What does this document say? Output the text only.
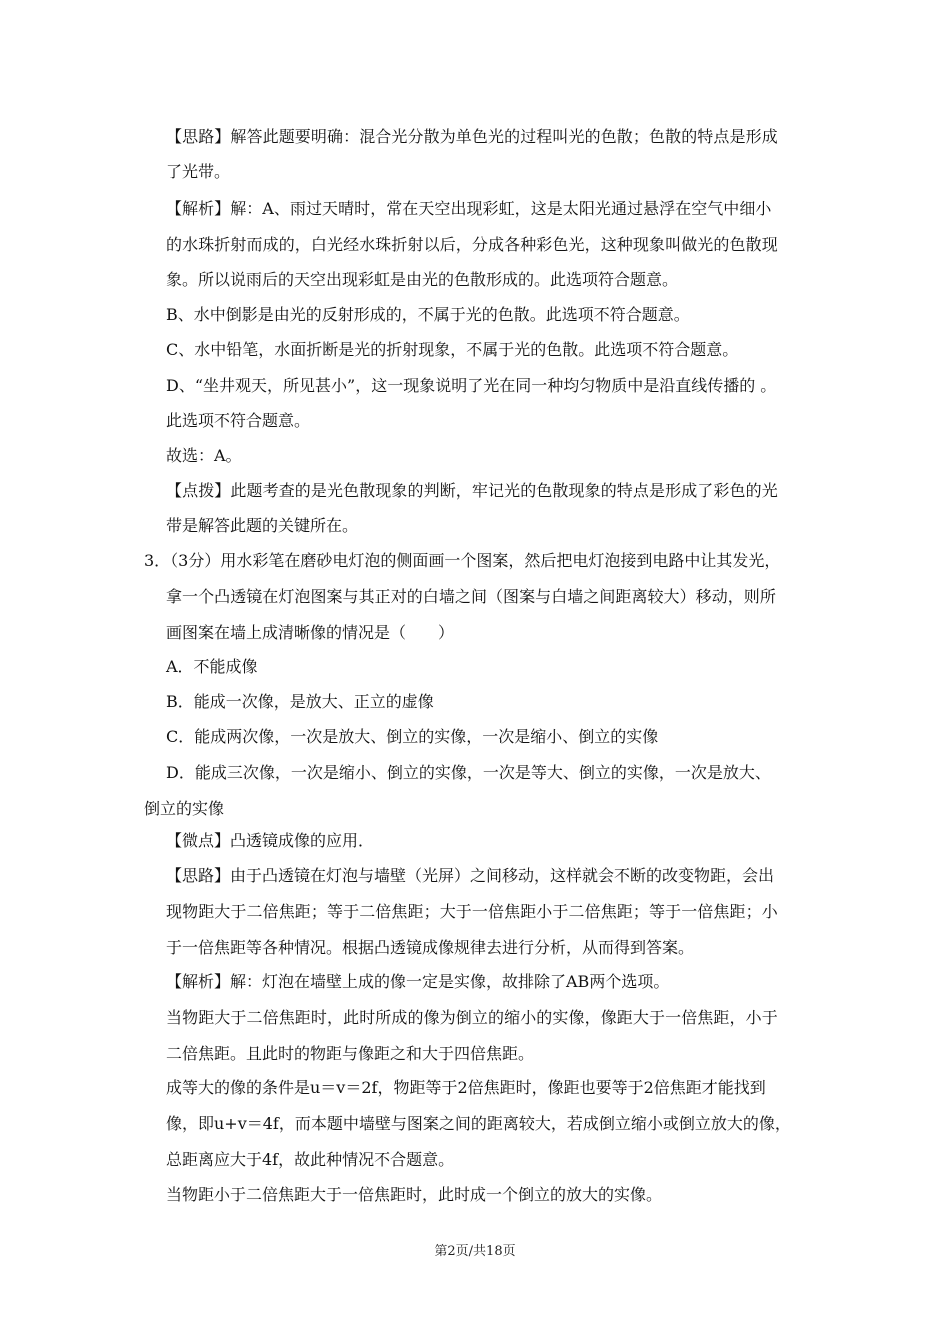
【思路】解答此题要明确：混合光分散为单色光的过程叫光的色散；色散的特点是形成
了光带。
【解析】解：A、雨过天晴时，常在天空出现彩虹，这是太阳光通过悬浮在空气中细小
的水珠折射而成的，白光经水珠折射以后，分成各种彩色光，这种现象叫做光的色散现
象。所以说雨后的天空出现彩虹是由光的色散形成的。此选项符合题意。
B、水中倒影是由光的反射形成的，不属于光的色散。此选项不符合题意。
C、水中铅笔，水面折断是光的折射现象，不属于光的色散。此选项不符合题意。
D、“坐井观天，所见甚小”，这一现象说明了光在同一种均匀物质中是沿直线传播的 。
此选项不符合题意。
故选：A。
【点拨】此题考查的是光色散现象的判断，牢记光的色散现象的特点是形成了彩色的光
带是解答此题的关键所在。
3．（3分）用水彩笔在磨砂电灯泡的侧面画一个图案，然后把电灯泡接到电路中让其发光，
拿一个凸透镜在灯泡图案与其正对的白墙之间（图案与白墙之间距离较大）移动，则所
画图案在墙上成清晰像的情况是（　　）
A．不能成像
B．能成一次像，是放大、正立的虚像
C．能成两次像，一次是放大、倒立的实像，一次是缩小、倒立的实像
D．能成三次像，一次是缩小、倒立的实像，一次是等大、倒立的实像，一次是放大、
倒立的实像
【微点】凸透镜成像的应用．
【思路】由于凸透镜在灯泡与墙壁（光屏）之间移动，这样就会不断的改变物距，会出
现物距大于二倍焦距；等于二倍焦距；大于一倍焦距小于二倍焦距；等于一倍焦距；小
于一倍焦距等各种情况。根据凸透镜成像规律去进行分析，从而得到答案。
【解析】解：灯泡在墙壁上成的像一定是实像，故排除了AB两个选项。
当物距大于二倍焦距时，此时所成的像为倒立的缩小的实像，像距大于一倍焦距，小于
二倍焦距。且此时的物距与像距之和大于四倍焦距。
成等大的像的条件是u＝v＝2f，物距等于2倍焦距时，像距也要等于2倍焦距才能找到
像，即u+v＝4f，而本题中墙壁与图案之间的距离较大，若成倒立缩小或倒立放大的像，
总距离应大于4f，故此种情况不合题意。
当物距小于二倍焦距大于一倍焦距时，此时成一个倒立的放大的实像。
第2页/共18页
